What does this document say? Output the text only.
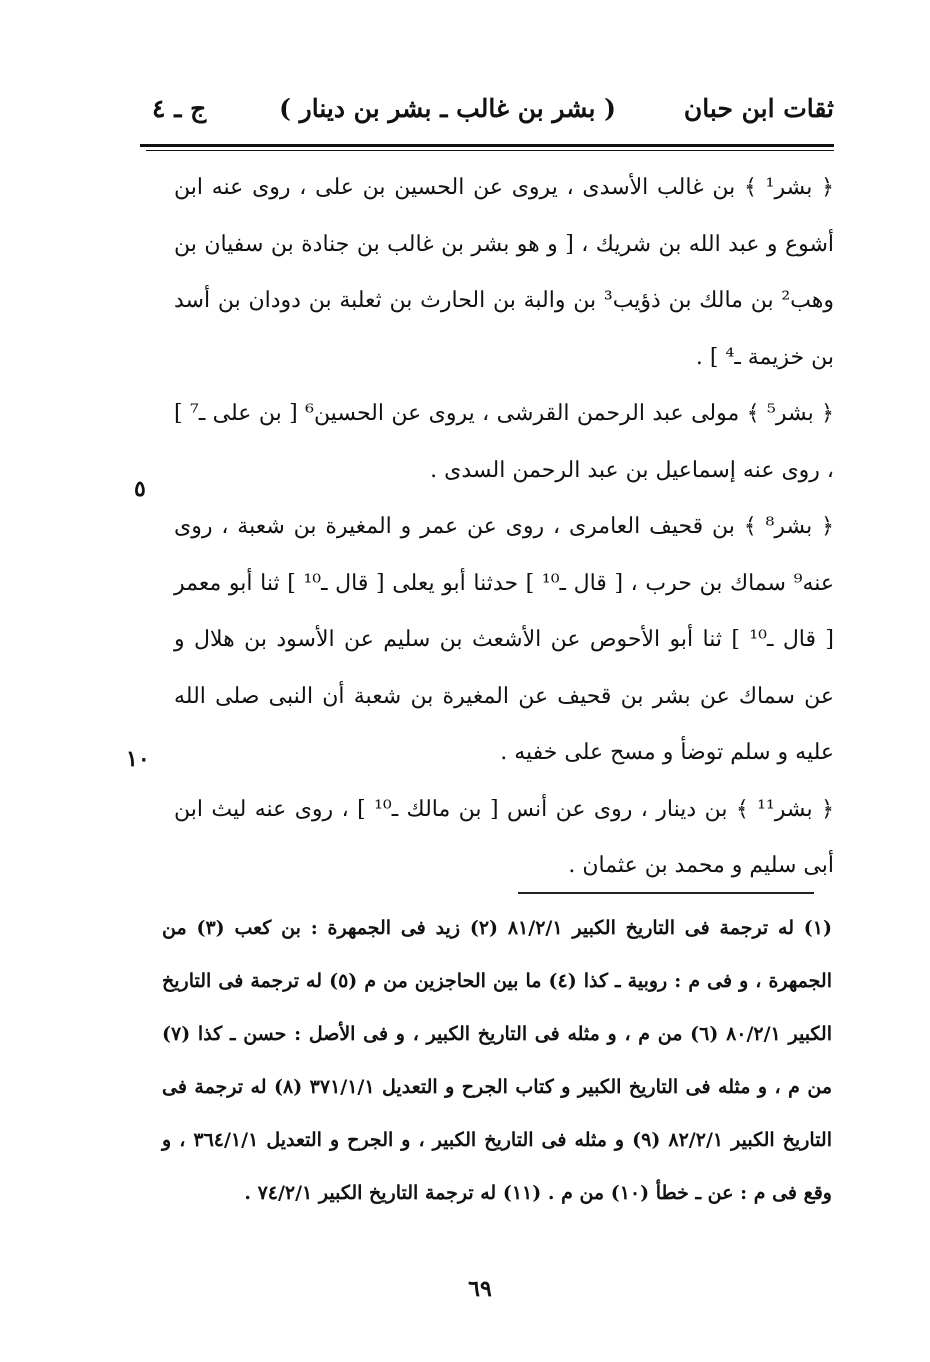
ثقات ابن حبان
( بشر بن غالب ـ بشر بن دينار )
ج ـ ٤

﴿ بشر¹ ﴾ بن غالب الأسدى ، يروى عن الحسين بن على ، روى عنه ابن أشوع و عبد الله بن شريك ، [ و هو بشر بن غالب بن جنادة بن سفيان بن وهب² بن مالك بن ذؤيب³ بن والبة بن الحارث بن ثعلبة بن دودان بن أسد بن خزيمة ـ⁴ ] .

﴿ بشر⁵ ﴾ مولى عبد الرحمن القرشى ، يروى عن الحسين⁶ [ بن على ـ⁷ ] ، روى عنه إسماعيل بن عبد الرحمن السدى .

﴿ بشر⁸ ﴾ بن قحيف العامرى ، روى عن عمر و المغيرة بن شعبة ، روى عنه⁹ سماك بن حرب ، [ قال ـ¹⁰ ] حدثنا أبو يعلى [ قال ـ¹⁰ ] ثنا أبو معمر [ قال ـ¹⁰ ] ثنا أبو الأحوص عن الأشعث بن سليم عن الأسود بن هلال و عن سماك عن بشر بن قحيف عن المغيرة بن شعبة أن النبى صلى الله عليه و سلم توضأ و مسح على خفيه .

﴿ بشر¹¹ ﴾ بن دينار ، روى عن أنس [ بن مالك ـ¹⁰ ] ، روى عنه ليث ابن أبى سليم و محمد بن عثمان .

٥
١٠

(١) له ترجمة فى التاريخ الكبير ٨١/٢/١ (٢) زيد فى الجمهرة : بن كعب (٣) من الجمهرة ، و فى م : روبية ـ كذا (٤) ما بين الحاجزين من م (٥) له ترجمة فى التاريخ الكبير ٨٠/٢/١ (٦) من م ، و مثله فى التاريخ الكبير ، و فى الأصل : حسن ـ كذا (٧) من م ، و مثله فى التاريخ الكبير و كتاب الجرح و التعديل ٣٧١/١/١ (٨) له ترجمة فى التاريخ الكبير ٨٢/٢/١ (٩) و مثله فى التاريخ الكبير ، و الجرح و التعديل ٣٦٤/١/١ ، و وقع فى م : عن ـ خطأ (١٠) من م . (١١) له ترجمة التاريخ الكبير ٧٤/٢/١ .

٦٩
